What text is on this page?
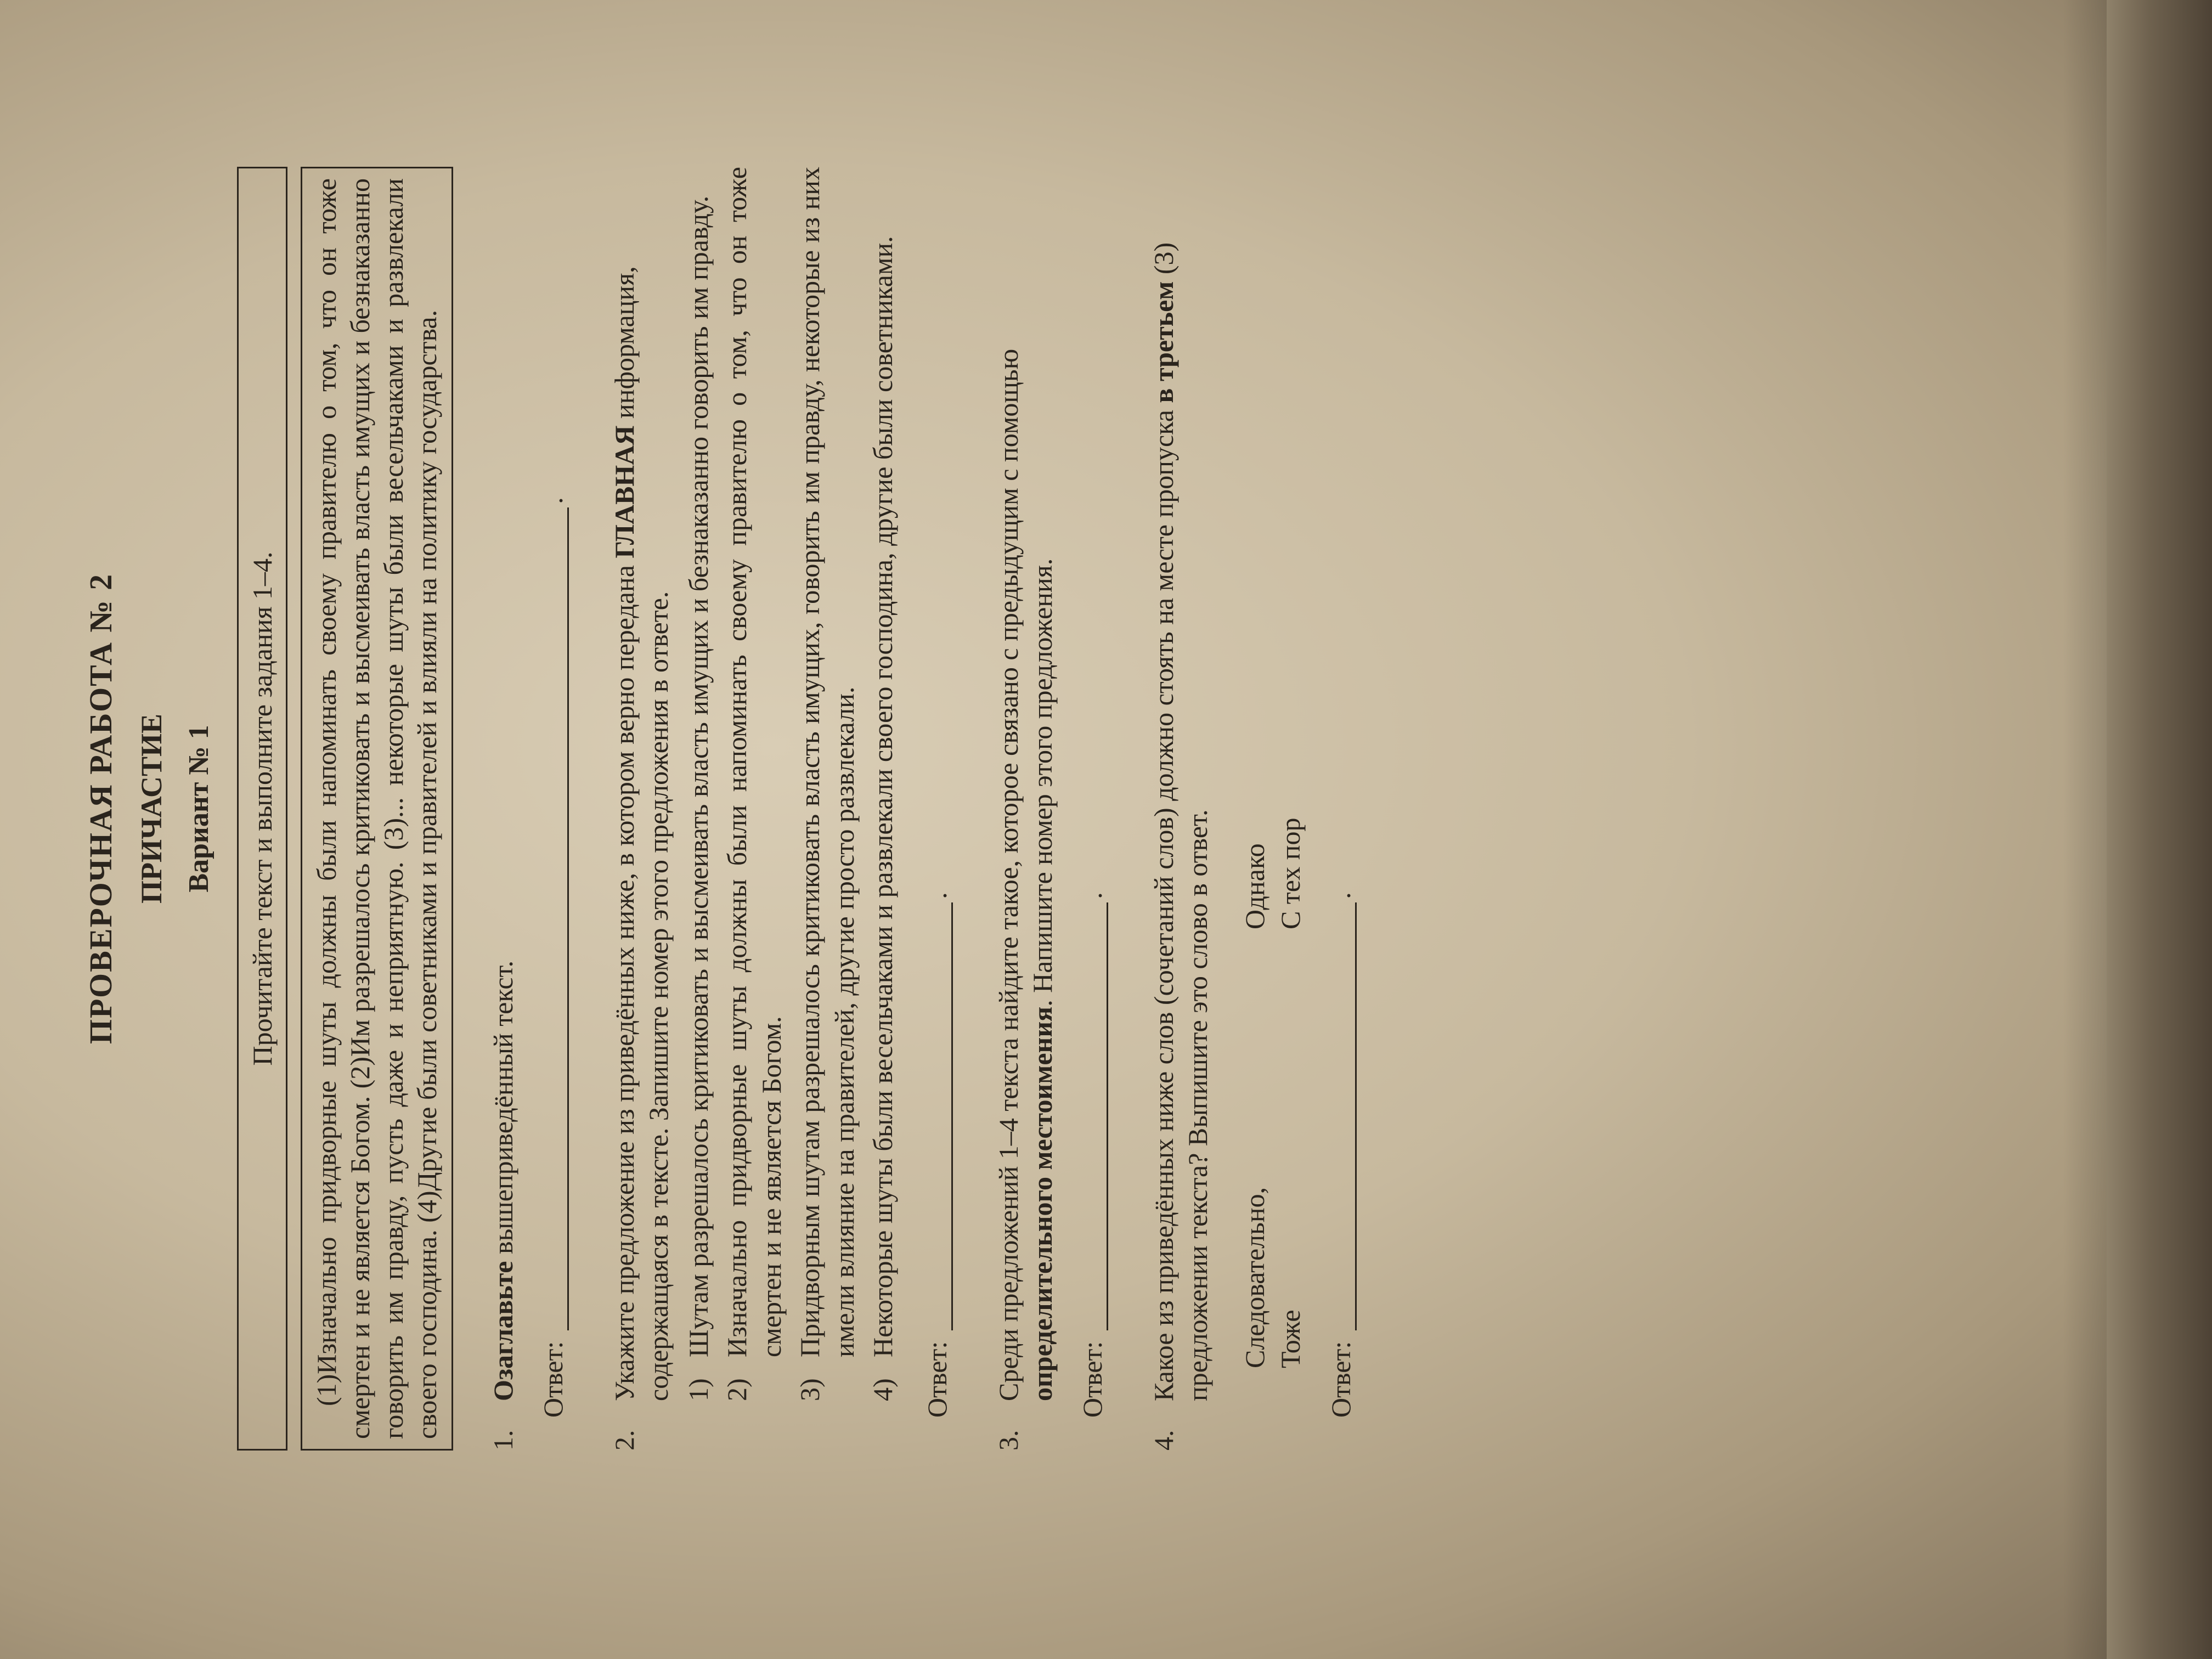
ПРОВЕРОЧНАЯ РАБОТА № 2 ПРИЧАСТИЕ Вариант № 1	Прочитайте текст и выполните задания 1–4.	(1)Изначально придворные шуты должны были напоминать своему правителю о том, что он тоже смертен и не является Богом. (2)Им разрешалось критиковать и высмеивать власть имущих и безнаказанно говорить им правду, пусть даже и неприятную. (3)... некоторые шуты были весельчаками и развлекали своего господина. (4)Другие были советниками и правителей и влияли на политику государства.
1.
Озаглавьте вышеприведённый текст.
Ответ:
.
2.
Укажите предложение из приведённых ниже, в котором верно передана ГЛАВНАЯ информация, содержащаяся в тексте. Запишите номер этого предложения в ответе. 1)
Шутам разрешалось критиковать и высмеивать власть имущих и безнаказанно говорить им правду.
2)
Изначально придворные шуты должны были напоминать своему правителю о том, что он тоже смертен и не является Богом.
3)
Придворным шутам разрешалось критиковать власть имущих, говорить им правду, некоторые из них имели влияние на правителей, другие просто развлекали.
4)
Некоторые шуты были весельчаками и развлекали своего господина, другие были советниками.
Ответ:
.
3.
Среди предложений 1–4 текста найдите такое, которое связано с предыдущим с помощью определительного местоимения. Напишите номер этого предложения.
Ответ:
.
4.
Какое из приведённых ниже слов (сочетаний слов) должно стоять на месте пропуска в третьем (3) предложении текста? Выпишите это слово в ответ. Следовательно,
Однако
Тоже
С тех пор
Ответ:
.
